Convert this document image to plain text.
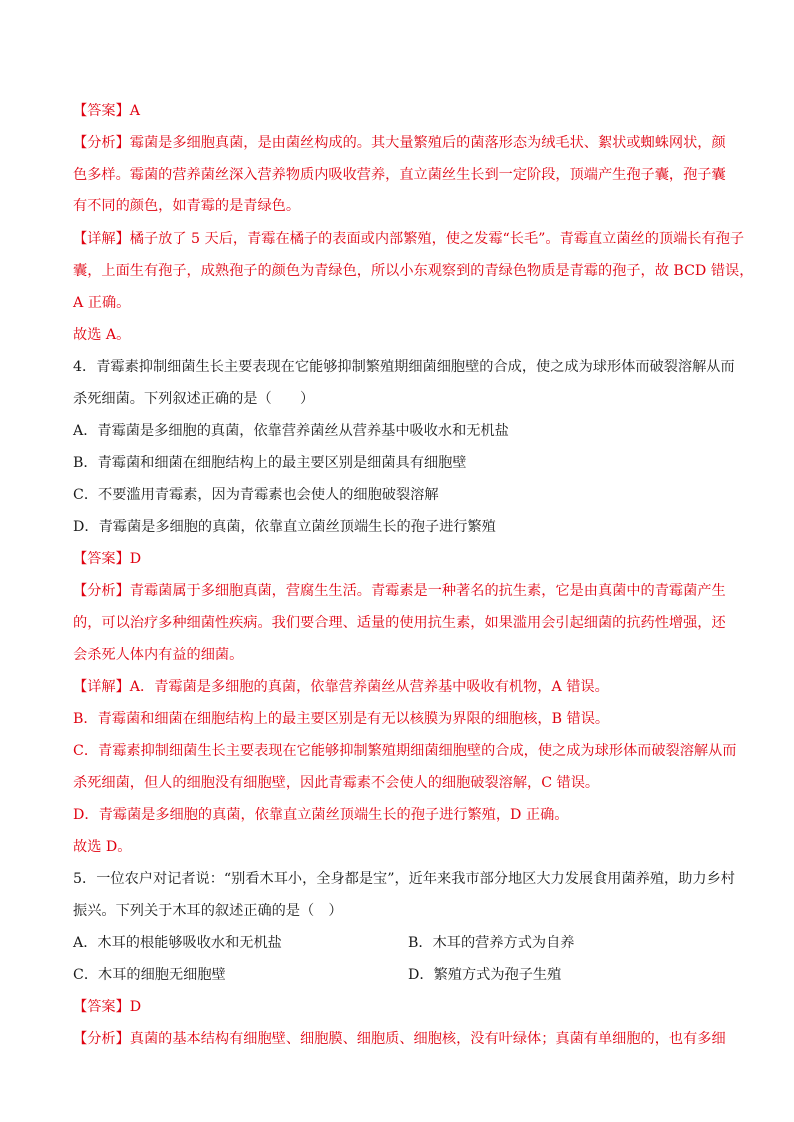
【答案】A
【分析】霉菌是多细胞真菌，是由菌丝构成的。其大量繁殖后的菌落形态为绒毛状、絮状或蜘蛛网状，颜
色多样。霉菌的营养菌丝深入营养物质内吸收营养，直立菌丝生长到一定阶段，顶端产生孢子囊，孢子囊
有不同的颜色，如青霉的是青绿色。
【详解】橘子放了 5 天后，青霉在橘子的表面或内部繁殖，使之发霉“长毛”。青霉直立菌丝的顶端长有孢子
囊，上面生有孢子，成熟孢子的颜色为青绿色，所以小东观察到的青绿色物质是青霉的孢子，故 BCD 错误，
A 正确。
故选 A。
4．青霉素抑制细菌生长主要表现在它能够抑制繁殖期细菌细胞壁的合成，使之成为球形体而破裂溶解从而
杀死细菌。下列叙述正确的是（　　）
A．青霉菌是多细胞的真菌，依靠营养菌丝从营养基中吸收水和无机盐
B．青霉菌和细菌在细胞结构上的最主要区别是细菌具有细胞壁
C．不要滥用青霉素，因为青霉素也会使人的细胞破裂溶解
D．青霉菌是多细胞的真菌，依靠直立菌丝顶端生长的孢子进行繁殖
【答案】D
【分析】青霉菌属于多细胞真菌，营腐生生活。青霉素是一种著名的抗生素，它是由真菌中的青霉菌产生
的，可以治疗多种细菌性疾病。我们要合理、适量的使用抗生素，如果滥用会引起细菌的抗药性增强，还
会杀死人体内有益的细菌。
【详解】A．青霉菌是多细胞的真菌，依靠营养菌丝从营养基中吸收有机物，A 错误。
B．青霉菌和细菌在细胞结构上的最主要区别是有无以核膜为界限的细胞核，B 错误。
C．青霉素抑制细菌生长主要表现在它能够抑制繁殖期细菌细胞壁的合成，使之成为球形体而破裂溶解从而
杀死细菌，但人的细胞没有细胞壁，因此青霉素不会使人的细胞破裂溶解，C 错误。
D．青霉菌是多细胞的真菌，依靠直立菌丝顶端生长的孢子进行繁殖，D 正确。
故选 D。
5．一位农户对记者说：“别看木耳小，全身都是宝”，近年来我市部分地区大力发展食用菌养殖，助力乡村
振兴。下列关于木耳的叙述正确的是（　）
A．木耳的根能够吸收水和无机盐	B．木耳的营养方式为自养
C．木耳的细胞无细胞壁	D．繁殖方式为孢子生殖
【答案】D
【分析】真菌的基本结构有细胞壁、细胞膜、细胞质、细胞核，没有叶绿体；真菌有单细胞的，也有多细
